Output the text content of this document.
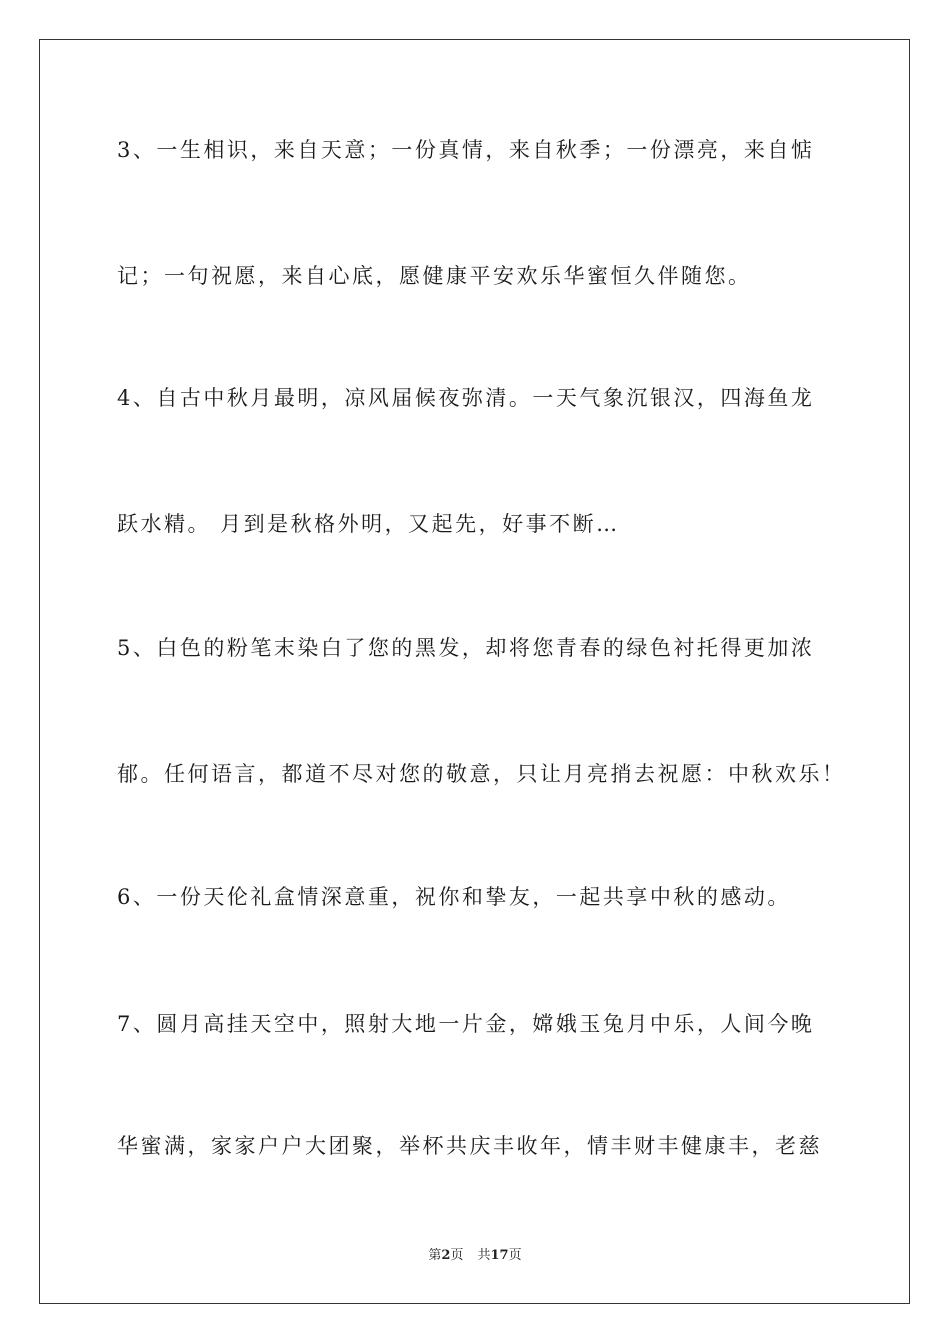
3、一生相识，来自天意；一份真情，来自秋季；一份漂亮，来自惦
记；一句祝愿，来自心底，愿健康平安欢乐华蜜恒久伴随您。
4、自古中秋月最明，凉风届候夜弥清。一天气象沉银汉，四海鱼龙
跃水精。 月到是秋格外明，又起先，好事不断…
5、白色的粉笔末染白了您的黑发，却将您青春的绿色衬托得更加浓
郁。任何语言，都道不尽对您的敬意，只让月亮捎去祝愿：中秋欢乐！
6、一份天伦礼盒情深意重，祝你和挚友，一起共享中秋的感动。
7、圆月高挂天空中，照射大地一片金，嫦娥玉兔月中乐，人间今晚
华蜜满，家家户户大团聚，举杯共庆丰收年，情丰财丰健康丰，老慈
第2页 共17页
